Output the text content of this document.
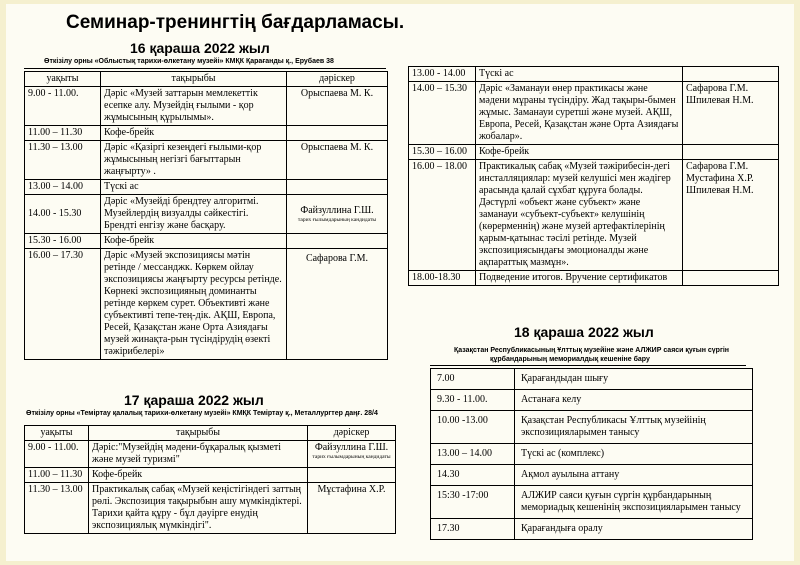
Семинар-тренингтің бағдарламасы.
16 қараша 2022 жыл
Өткізілу орны «Облыстық тарихи-өлкетану музейі» КМҚК Қарағанды қ., Ерубаев 38
уақыты	тақырыбы	дәріскер
9.00 - 11.00.	Дәріс «Музей заттарын мемлекеттік есепке алу. Музейдің ғылыми - қор жұмысының құрылымы».	Орыспаева М. К.
11.00 – 11.30	Кофе-брейк	
11.30 – 13.00	Дәріс «Қазіргі кезеңдегі ғылыми-қор жұмысының негізгі бағыттарын жаңғырту» .	Орыспаева М. К.
13.00 – 14.00	Түскі ас	
14.00 - 15.30	Дәріс «Музейді брендтеу алгоритмі. Музейлердің визуалды сәйкестігі. Брендті енгізу және басқару.	Файзуллина Г.Ш.
тарих ғылымдарының кандидаты

15.30 - 16.00	Кофе-брейк	
16.00 – 17.30	Дәріс «Музей экспозициясы мәтін ретінде / мессанджк. Көркем ойлау экспозициясы жаңғырту ресурсы ретінде. Көрнекі экспозицияның доминанты ретінде көркем сурет. Объективті және субъективті тепе-тең-дік. АҚШ, Европа, Ресей, Қазақстан және Орта Азиядағы музей жинақта-рын түсіндірудің өзекті тәжірибелері»	Сафарова Г.М.
17 қараша 2022 жыл
Өткізілу орны «Теміртау қалалық тарихи-өлкетану музейі» КМҚК Теміртау қ., Металлургтер даңғ. 28/4
уақыты	тақырыбы	дәріскер
9.00 - 11.00.	Дәріс:"Музейдің мәдени-бұқаралық қызметі және музей туризмі"	Файзуллина Г.Ш.
тарих ғылымдарының кандидаты

11.00 – 11.30	Кофе-брейк	
11.30 – 13.00	Практикалық сабақ «Музей кеңістігіндегі заттың рөлі. Экспозиция тақырыбын ашу мүмкіндіктері. Тарихи қайта құру - бұл дәуірге енудің экспозициялық мүмкіндігі".	Мұстафина Х.Р.
13.00 - 14.00	Түскі ас	
14.00 – 15.30	Дәріс «Заманауи өнер практикасы және мәдени мұраны түсіндіру. Жад тақыры-бымен жұмыс. Заманауи суретші және музей. АҚШ, Европа, Ресей, Қазақстан және Орта Азиядағы жобалар».	Сафарова Г.М. Шпилевая Н.М.
15.30 – 16.00	Кофе-брейк	
16.00 – 18.00	Практикалық сабақ «Музей тәжірибесін-дегі инсталляциялар: музей келушісі мен жәдігер арасында қалай сұхбат құруға болады. Дәстүрлі «объект және субъект» және заманауи «субъект-субъект» келушінің (көрерменнің) және музей артефактілерінің қарым-қатынас тәсілі ретінде. Музей экспозициясындағы эмоционалды және ақпараттық мазмұн».	Сафарова Г.М. Мустафина Х.Р. Шпилевая Н.М.
18.00-18.30	Подведение итогов. Вручение сертификатов	
18 қараша 2022 жыл
Қазақстан Республикасының Ұлттық музейіне және АЛЖИР саяси қуғын сүргін
құрбандарының мемориалдық кешеніне бару
7.00	Қарағандыдан шығу
9.30 - 11.00.	Астанаға келу
10.00 -13.00	Қазақстан Республикасы Ұлттық музейінің экспозицияларымен танысу
13.00 – 14.00	Түскі ас (комплекс)
14.30	Ақмол ауылына аттану
15:30 -17:00	АЛЖИР саяси қуғын сүргін құрбандарының мемориадық кешенінің экспозицияларымен танысу
17.30	Қарағандыға оралу
